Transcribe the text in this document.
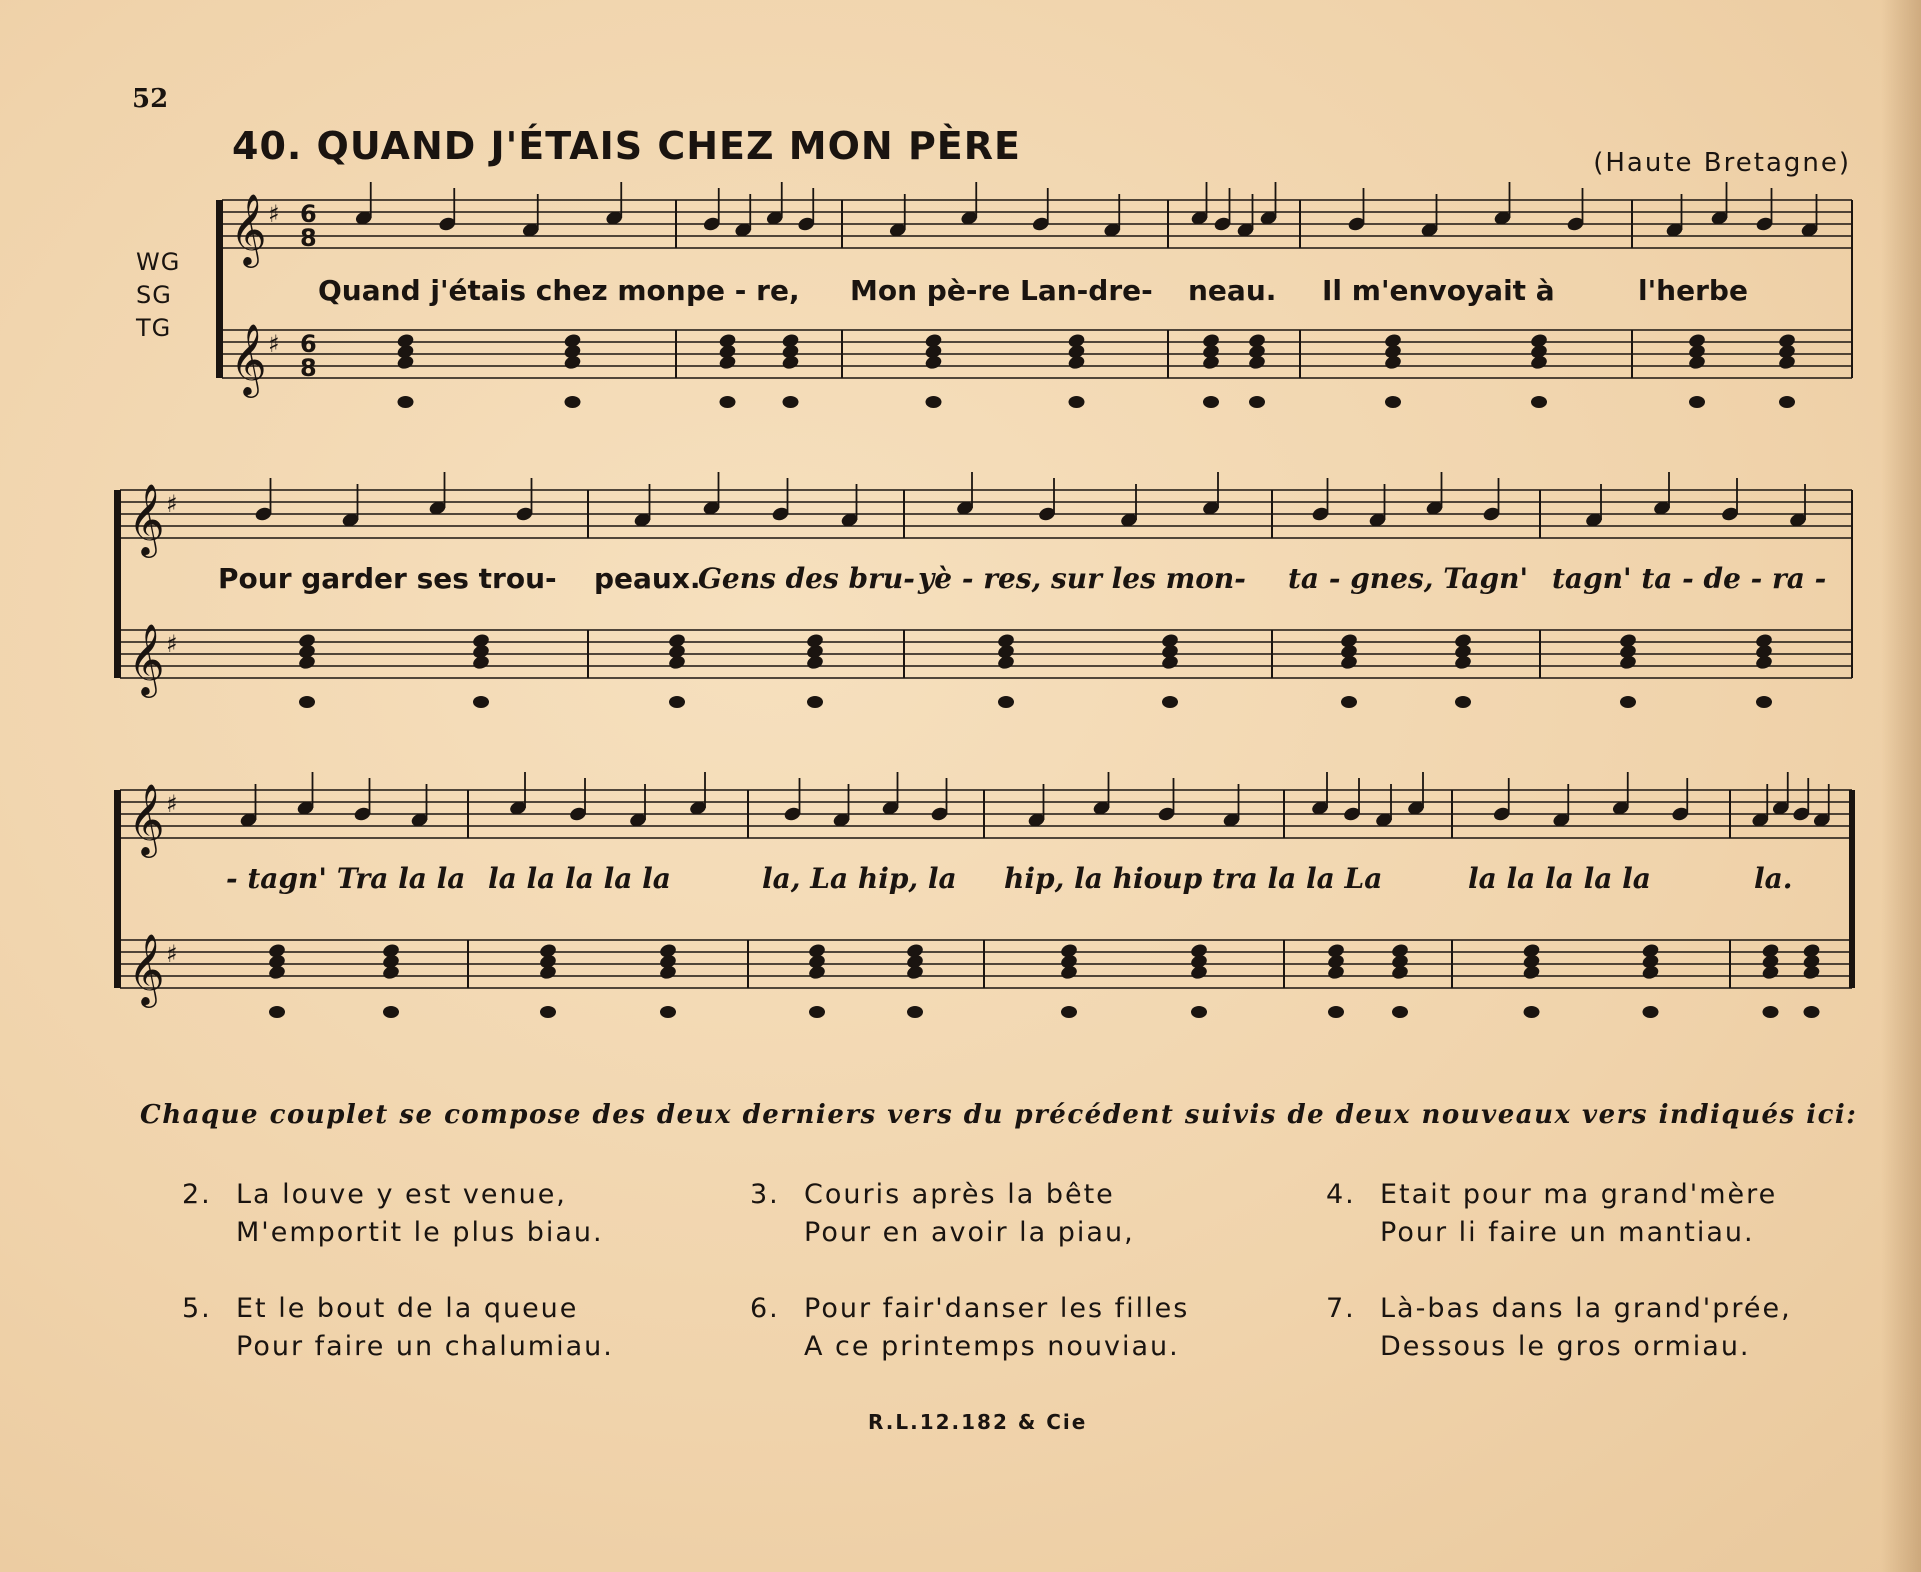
52
40. QUAND J'ÉTAIS CHEZ MON PÈRE	(Haute Bretagne)
WG
SG
TG
𝄞 ♯
𝄞 ♯
𝄞 ♯
𝄞 ♯
𝄞 ♯
𝄞 ♯
6
8
6
8
Quand j'étais chez mon pe - re, Mon pè-re Lan-dre- neau. Il m'envoyait à	l'herbe
Pour garder ses trou- peaux.
Gens des bru- yè - res, sur les mon- ta - gnes, Tagn' tagn' ta - de - ra -
- tagn' Tra la la la la la la la	la, La hip, la hip, la hioup tra la la La	la la la la la	la.
Chaque couplet se compose des deux derniers vers du précédent suivis de deux nouveaux vers indiqués ici:
2. La louve y est venue,
M'emportit le plus biau.
3. Couris après la bête
Pour en avoir la piau,
4. Etait pour ma grand'mère
Pour li faire un mantiau.
5. Et le bout de la queue
Pour faire un chalumiau.
6. Pour fair'danser les filles
A ce printemps nouviau.
7. Là-bas dans la grand'prée,
Dessous le gros ormiau.
R.L.12.182 & Cie
